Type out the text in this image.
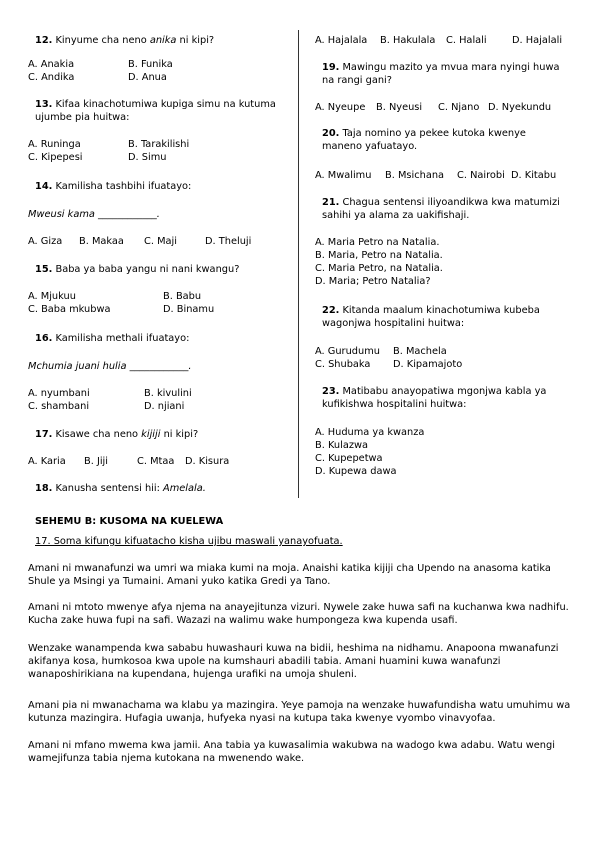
12. Kinyume cha neno anika ni kipi?
A. Anakia	B. Funika
C. Andika	D. Anua
13. Kifaa kinachotumiwa kupiga simu na kutuma
ujumbe pia huitwa:
A. Runinga	B. Tarakilishi
C. Kipepesi	D. Simu
14. Kamilisha tashbihi ifuatayo:
Mweusi kama ____________.
A. Giza B. Makaa C. Maji	D. Theluji
15. Baba ya baba yangu ni nani kwangu?
A. Mjukuu	B. Babu
C. Baba mkubwa	D. Binamu
16. Kamilisha methali ifuatayo:
Mchumia juani hulia ____________.
A. nyumbani	B. kivulini
C. shambani	D. njiani
17. Kisawe cha neno kijiji ni kipi?
A. Karia B. Jiji	C. Mtaa D. Kisura
18. Kanusha sentensi hii: Amelala.
A. Hajalala B. Hakulala C. Halali	D. Hajalali
19. Mawingu mazito ya mvua mara nyingi huwa
na rangi gani?
A. Nyeupe B. Nyeusi C. Njano D. Nyekundu
20. Taja nomino ya pekee kutoka kwenye
maneno yafuatayo.
A. Mwalimu B. Msichana C. Nairobi D. Kitabu
21. Chagua sentensi iliyoandikwa kwa matumizi
sahihi ya alama za uakifishaji.
A. Maria Petro na Natalia.
B. Maria, Petro na Natalia.
C. Maria Petro, na Natalia.
D. Maria; Petro Natalia?
22. Kitanda maalum kinachotumiwa kubeba
wagonjwa hospitalini huitwa:
A. Gurudumu B. Machela
C. Shubaka D. Kipamajoto
23. Matibabu anayopatiwa mgonjwa kabla ya
kufikishwa hospitalini huitwa:
A. Huduma ya kwanza
B. Kulazwa
C. Kupepetwa
D. Kupewa dawa
SEHEMU B: KUSOMA NA KUELEWA
17. Soma kifungu kifuatacho kisha ujibu maswali yanayofuata.
Amani ni mwanafunzi wa umri wa miaka kumi na moja. Anaishi katika kijiji cha Upendo na anasoma katika
Shule ya Msingi ya Tumaini. Amani yuko katika Gredi ya Tano.
Amani ni mtoto mwenye afya njema na anayejitunza vizuri. Nywele zake huwa safi na kuchanwa kwa nadhifu.
Kucha zake huwa fupi na safi. Wazazi na walimu wake humpongeza kwa kupenda usafi.
Wenzake wanampenda kwa sababu huwashauri kuwa na bidii, heshima na nidhamu. Anapoona mwanafunzi
akifanya kosa, humkosoa kwa upole na kumshauri abadili tabia. Amani huamini kuwa wanafunzi
wanaposhirikiana na kupendana, hujenga urafiki na umoja shuleni.
Amani pia ni mwanachama wa klabu ya mazingira. Yeye pamoja na wenzake huwafundisha watu umuhimu wa
kutunza mazingira. Hufagia uwanja, hufyeka nyasi na kutupa taka kwenye vyombo vinavyofaa.
Amani ni mfano mwema kwa jamii. Ana tabia ya kuwasalimia wakubwa na wadogo kwa adabu. Watu wengi
wamejifunza tabia njema kutokana na mwenendo wake.
